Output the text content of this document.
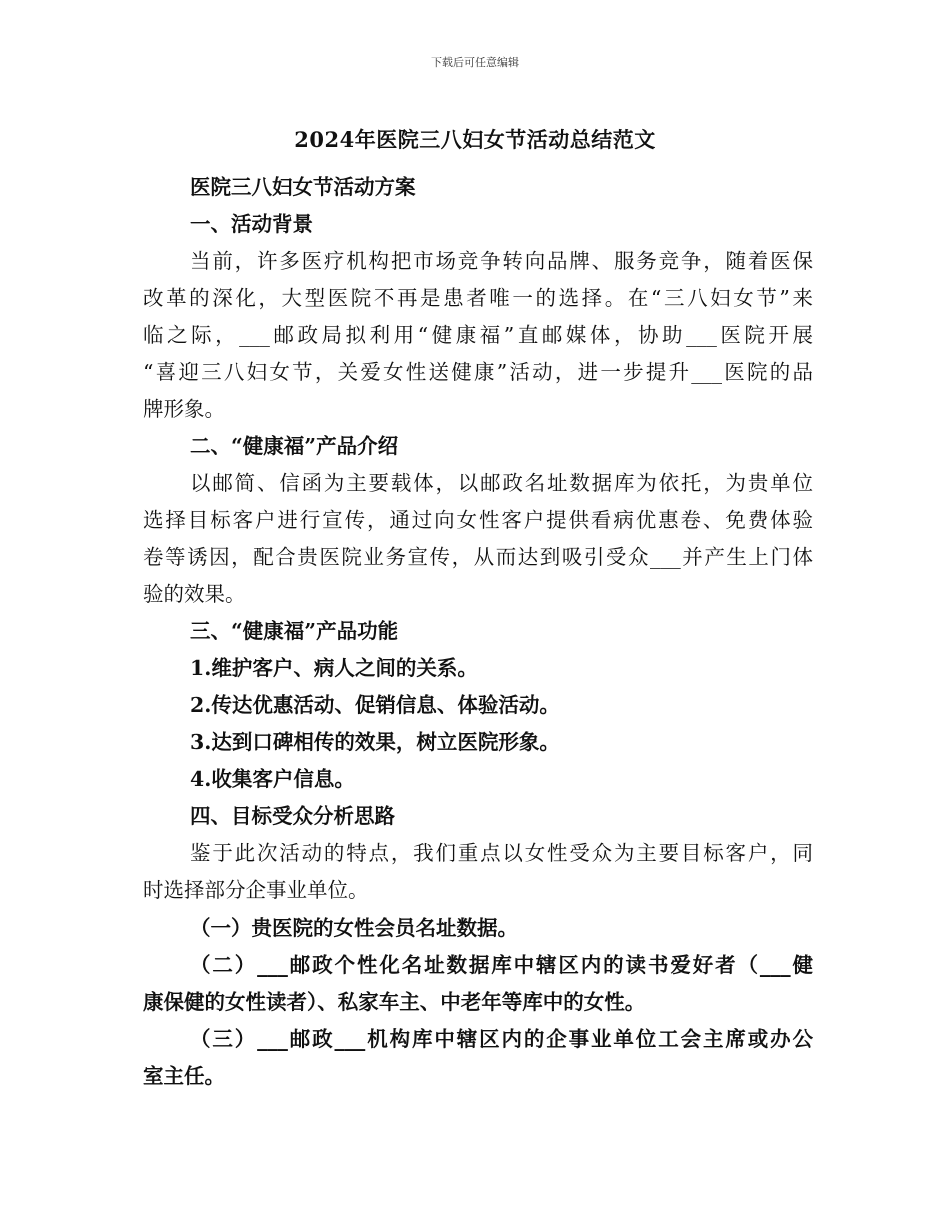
下载后可任意编辑
2024年医院三八妇女节活动总结范文
医院三八妇女节活动方案
一、活动背景
当前，许多医疗机构把市场竞争转向品牌、服务竞争，随着医保
改革的深化，大型医院不再是患者唯一的选择。在“三八妇女节”来
临之际，___邮政局拟利用“健康福”直邮媒体，协助___医院开展
“喜迎三八妇女节，关爱女性送健康”活动，进一步提升___医院的品
牌形象。
二、“健康福”产品介绍
以邮简、信函为主要载体，以邮政名址数据库为依托，为贵单位
选择目标客户进行宣传，通过向女性客户提供看病优惠卷、免费体验
卷等诱因，配合贵医院业务宣传，从而达到吸引受众___并产生上门体
验的效果。
三、“健康福”产品功能
1.维护客户、病人之间的关系。
2.传达优惠活动、促销信息、体验活动。
3.达到口碑相传的效果，树立医院形象。
4.收集客户信息。
四、目标受众分析思路
鉴于此次活动的特点，我们重点以女性受众为主要目标客户，同
时选择部分企事业单位。
（一）贵医院的女性会员名址数据。
（二）___邮政个性化名址数据库中辖区内的读书爱好者（___健
康保健的女性读者）、私家车主、中老年等库中的女性。
（三）___邮政___机构库中辖区内的企事业单位工会主席或办公
室主任。
